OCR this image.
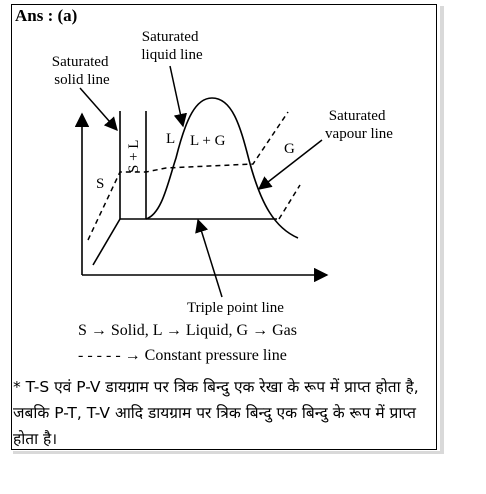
Ans : (a)
Saturated solid line
Saturated liquid line
Saturated vapour line
S
S + L
L L + G	G
Triple point line
S → Solid, L → Liquid, G → Gas
- - - - - → Constant pressure line
* T-S एवं P-V डायग्राम पर त्रिक बिन्दु एक रेखा के रूप में प्राप्त होता है, जबकि P-T, T-V आदि डायग्राम पर त्रिक बिन्दु एक बिन्दु के रूप में प्राप्त होता है।
